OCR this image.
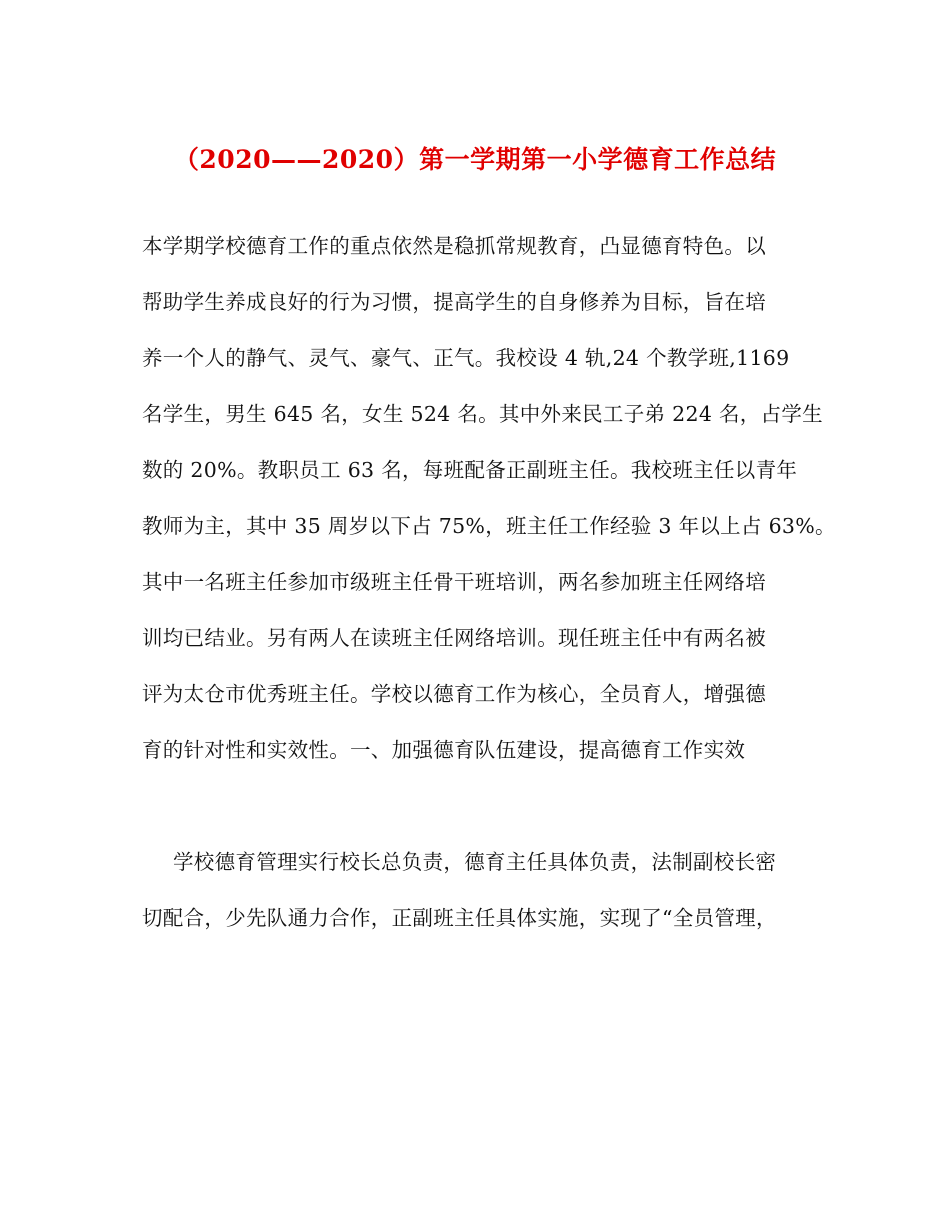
（2020——2020）第一学期第一小学德育工作总结
本学期学校德育工作的重点依然是稳抓常规教育，凸显德育特色。以
帮助学生养成良好的行为习惯，提高学生的自身修养为目标，旨在培
养一个人的静气、灵气、豪气、正气。我校设 4 轨,24 个教学班,1169
名学生，男生 645 名，女生 524 名。其中外来民工子弟 224 名，占学生
数的 20%。教职员工 63 名，每班配备正副班主任。我校班主任以青年
教师为主，其中 35 周岁以下占 75%，班主任工作经验 3 年以上占 63%。
其中一名班主任参加市级班主任骨干班培训，两名参加班主任网络培
训均已结业。另有两人在读班主任网络培训。现任班主任中有两名被
评为太仓市优秀班主任。学校以德育工作为核心，全员育人，增强德
育的针对性和实效性。一、加强德育队伍建设，提高德育工作实效
学校德育管理实行校长总负责，德育主任具体负责，法制副校长密
切配合，少先队通力合作，正副班主任具体实施，实现了“全员管理，
